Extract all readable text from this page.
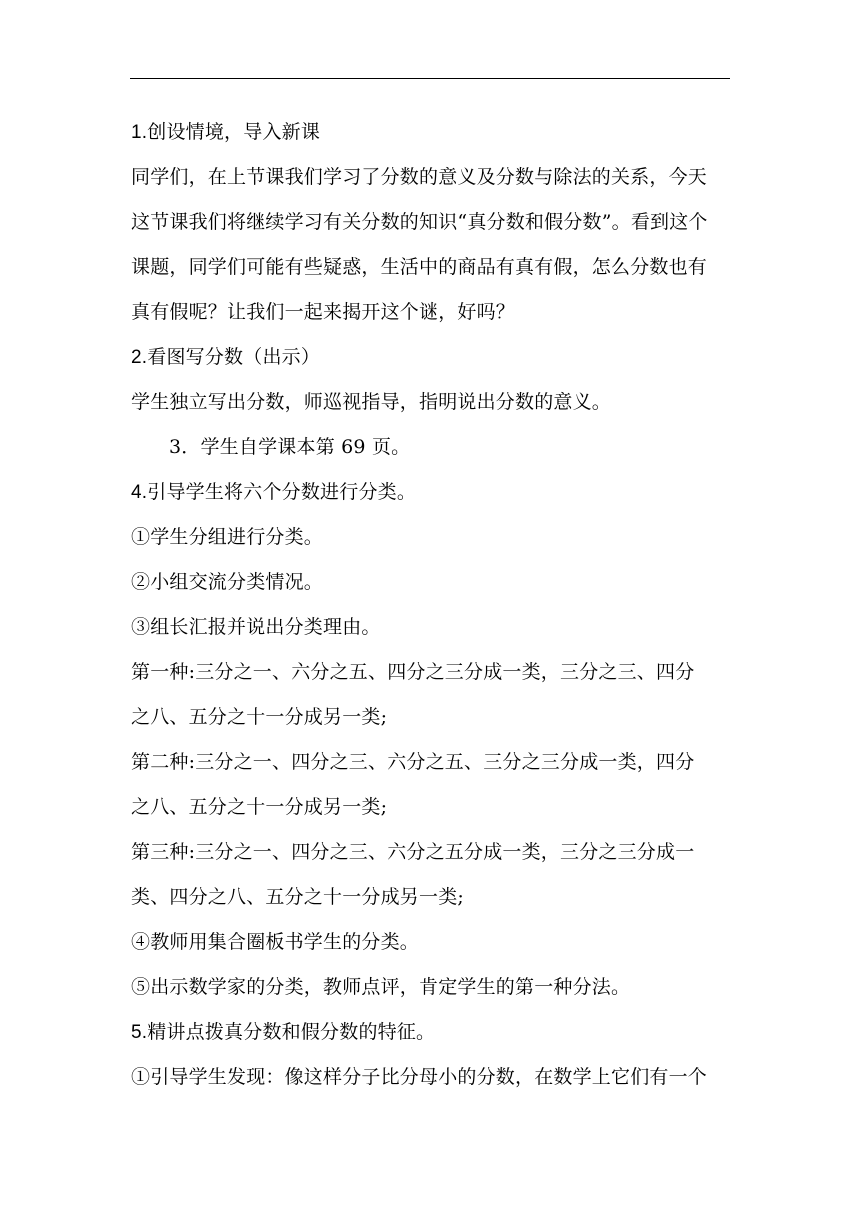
1.创设情境，导入新课
同学们，在上节课我们学习了分数的意义及分数与除法的关系，今天
这节课我们将继续学习有关分数的知识“真分数和假分数”。看到这个
课题，同学们可能有些疑惑，生活中的商品有真有假，怎么分数也有
真有假呢？让我们一起来揭开这个谜，好吗？
2.看图写分数（出示）
学生独立写出分数，师巡视指导，指明说出分数的意义。
3．学生自学课本第 69 页。
4.引导学生将六个分数进行分类。
①学生分组进行分类。
②小组交流分类情况。
③组长汇报并说出分类理由。
第一种:三分之一、六分之五、四分之三分成一类，三分之三、四分
之八、五分之十一分成另一类;
第二种:三分之一、四分之三、六分之五、三分之三分成一类，四分
之八、五分之十一分成另一类;
第三种:三分之一、四分之三、六分之五分成一类，三分之三分成一
类、四分之八、五分之十一分成另一类;
④教师用集合圈板书学生的分类。
⑤出示数学家的分类，教师点评，肯定学生的第一种分法。
5.精讲点拨真分数和假分数的特征。
①引导学生发现：像这样分子比分母小的分数，在数学上它们有一个
